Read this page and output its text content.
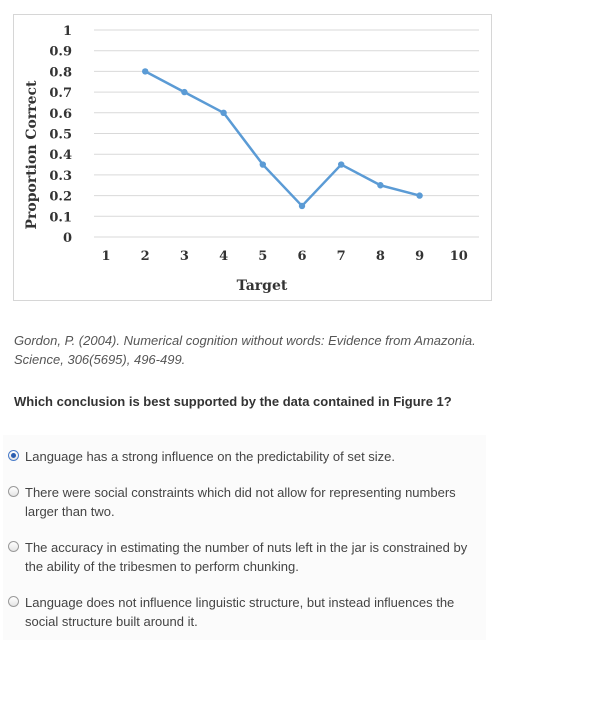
0
0.1
0.2
0.3
0.4
0.5
0.6
0.7
0.8
0.9
1
1 2 3 4 5 6 7 8 9 10
Target
Proportion Correct
Gordon, P. (2004). Numerical cognition without words: Evidence from Amazonia. Science, 306(5695), 496-499.
Which conclusion is best supported by the data contained in Figure 1?
Language has a strong influence on the predictability of set size.
There were social constraints which did not allow for representing numbers larger than two.
The accuracy in estimating the number of nuts left in the jar is constrained by the ability of the tribesmen to perform chunking.
Language does not influence linguistic structure, but instead influences the social structure built around it.
